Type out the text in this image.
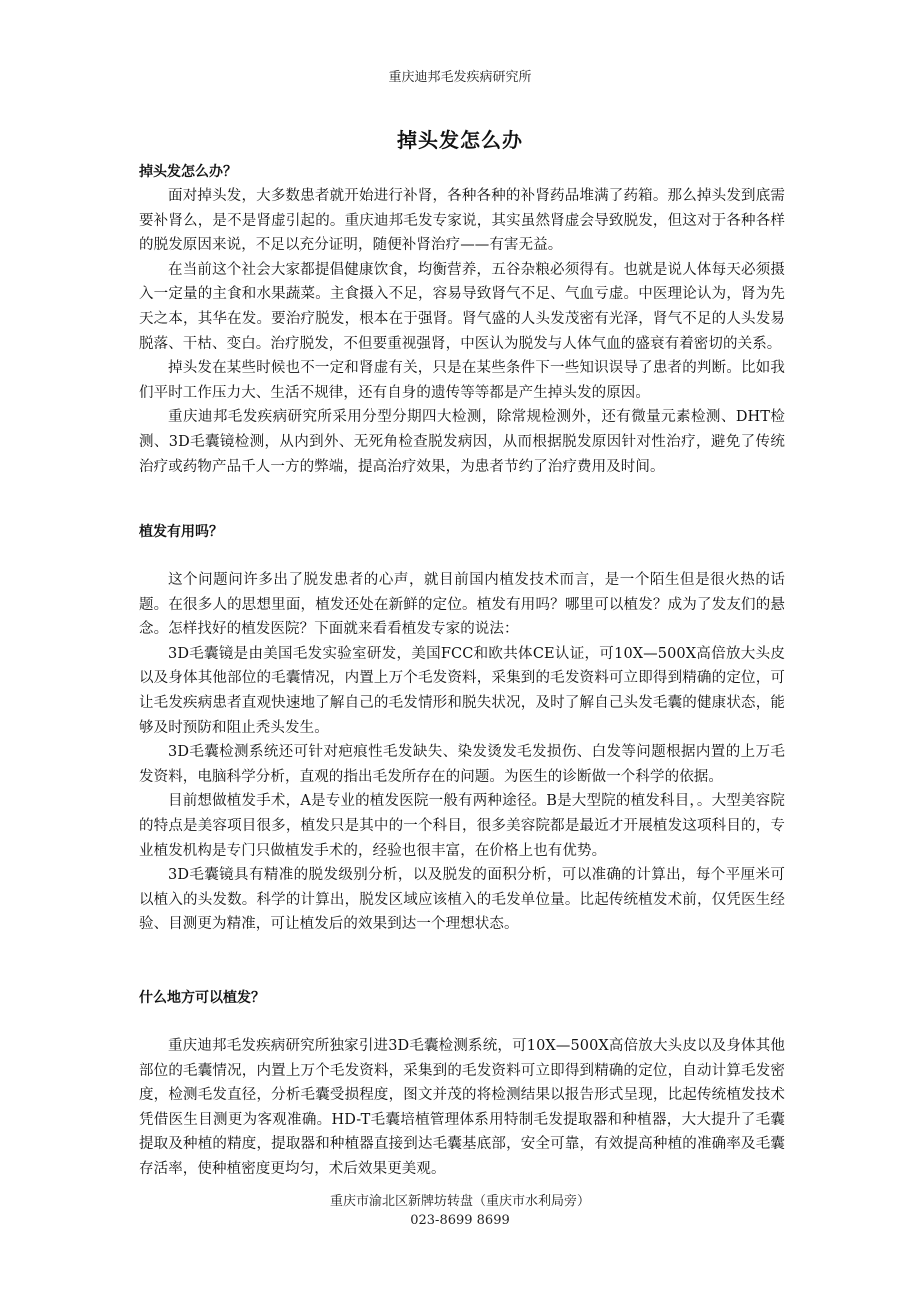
重庆迪邦毛发疾病研究所
掉头发怎么办

掉头发怎么办？

面对掉头发，大多数患者就开始进行补肾，各种各种的补肾药品堆满了药箱。那么掉头发到底需要补肾么，是不是肾虚引起的。重庆迪邦毛发专家说，其实虽然肾虚会导致脱发，但这对于各种各样的脱发原因来说，不足以充分证明，随便补肾治疗——有害无益。

在当前这个社会大家都提倡健康饮食，均衡营养，五谷杂粮必须得有。也就是说人体每天必须摄入一定量的主食和水果蔬菜。主食摄入不足，容易导致肾气不足、气血亏虚。中医理论认为，肾为先天之本，其华在发。要治疗脱发，根本在于强肾。肾气盛的人头发茂密有光泽，肾气不足的人头发易脱落、干枯、变白。治疗脱发，不但要重视强肾，中医认为脱发与人体气血的盛衰有着密切的关系。

掉头发在某些时候也不一定和肾虚有关，只是在某些条件下一些知识误导了患者的判断。比如我们平时工作压力大、生活不规律，还有自身的遗传等等都是产生掉头发的原因。

重庆迪邦毛发疾病研究所采用分型分期四大检测，除常规检测外，还有微量元素检测、DHT检测、3D毛囊镜检测，从内到外、无死角检查脱发病因，从而根据脱发原因针对性治疗，避免了传统治疗或药物产品千人一方的弊端，提高治疗效果，为患者节约了治疗费用及时间。

植发有用吗？

这个问题问许多出了脱发患者的心声，就目前国内植发技术而言，是一个陌生但是很火热的话题。在很多人的思想里面，植发还处在新鲜的定位。植发有用吗？哪里可以植发？成为了发友们的悬念。怎样找好的植发医院？下面就来看看植发专家的说法：

3D毛囊镜是由美国毛发实验室研发，美国FCC和欧共体CE认证，可10X—500X高倍放大头皮以及身体其他部位的毛囊情况，内置上万个毛发资料，采集到的毛发资料可立即得到精确的定位，可让毛发疾病患者直观快速地了解自己的毛发情形和脱失状况，及时了解自己头发毛囊的健康状态，能够及时预防和阻止秃头发生。

3D毛囊检测系统还可针对疤痕性毛发缺失、染发烫发毛发损伤、白发等问题根据内置的上万毛发资料，电脑科学分析，直观的指出毛发所存在的问题。为医生的诊断做一个科学的依据。

目前想做植发手术，A是专业的植发医院一般有两种途径。B是大型院的植发科目，。大型美容院的特点是美容项目很多，植发只是其中的一个科目，很多美容院都是最近才开展植发这项科目的，专业植发机构是专门只做植发手术的，经验也很丰富，在价格上也有优势。

3D毛囊镜具有精准的脱发级别分析，以及脱发的面积分析，可以准确的计算出，每个平厘米可以植入的头发数。科学的计算出，脱发区域应该植入的毛发单位量。比起传统植发术前，仅凭医生经验、目测更为精准，可让植发后的效果到达一个理想状态。

什么地方可以植发？

重庆迪邦毛发疾病研究所独家引进3D毛囊检测系统，可10X—500X高倍放大头皮以及身体其他部位的毛囊情况，内置上万个毛发资料，采集到的毛发资料可立即得到精确的定位，自动计算毛发密度，检测毛发直径，分析毛囊受损程度，图文并茂的将检测结果以报告形式呈现，比起传统植发技术凭借医生目测更为客观准确。HD-T毛囊培植管理体系用特制毛发提取器和种植器，大大提升了毛囊提取及种植的精度，提取器和种植器直接到达毛囊基底部，安全可靠，有效提高种植的准确率及毛囊存活率，使种植密度更均匀，术后效果更美观。

重庆市渝北区新牌坊转盘（重庆市水利局旁）
023-8699 8699
